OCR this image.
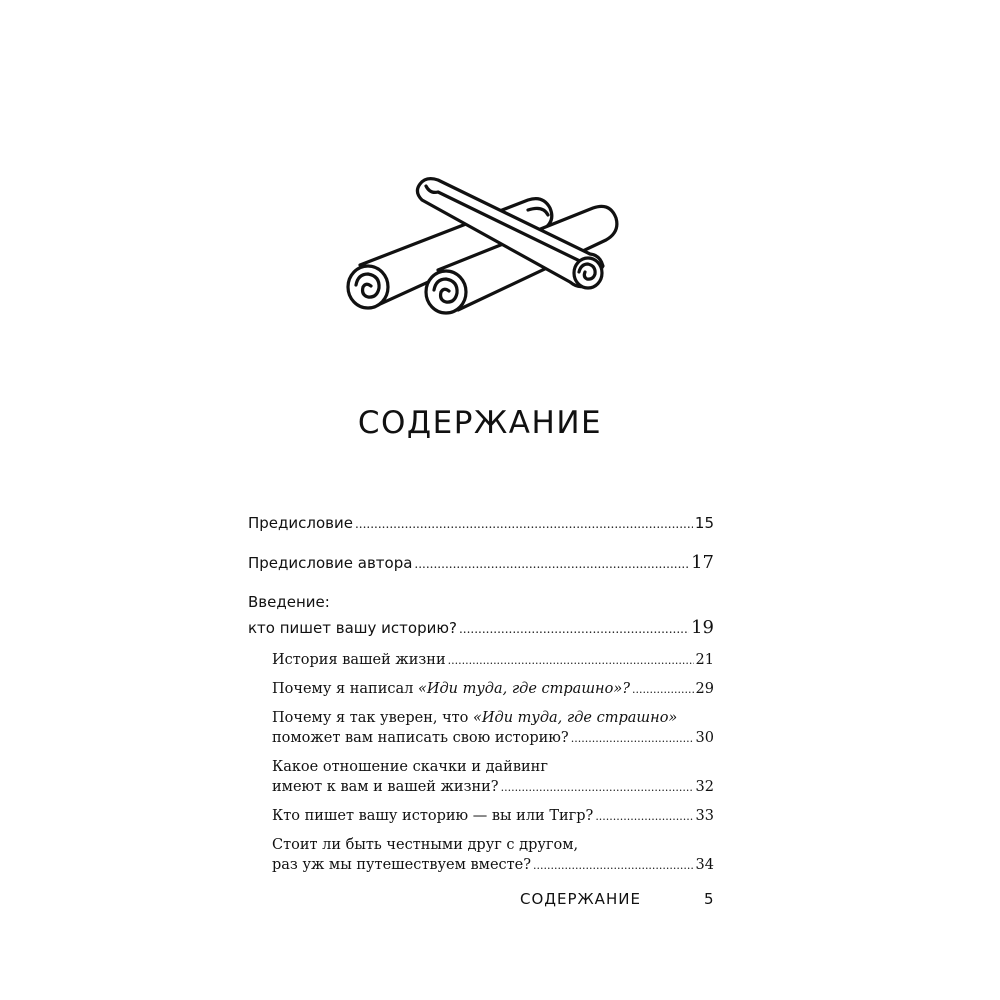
СОДЕРЖАНИЕ
Предисловие .....	15
Предисловие автора .....	17
Введение:
кто пишет вашу историю? .....	19
История вашей жизни .....	21
Почему я написал «Иди туда, где страшно»? .....	29
Почему я так уверен, что «Иди туда, где страшно»
поможет вам написать свою историю? .....	30
Какое отношение скачки и дайвинг
имеют к вам и вашей жизни? .....	32
Кто пишет вашу историю — вы или Тигр? .....	33
Стоит ли быть честными друг с другом,
раз уж мы путешествуем вместе? .....	34
СОДЕРЖАНИЕ	5
